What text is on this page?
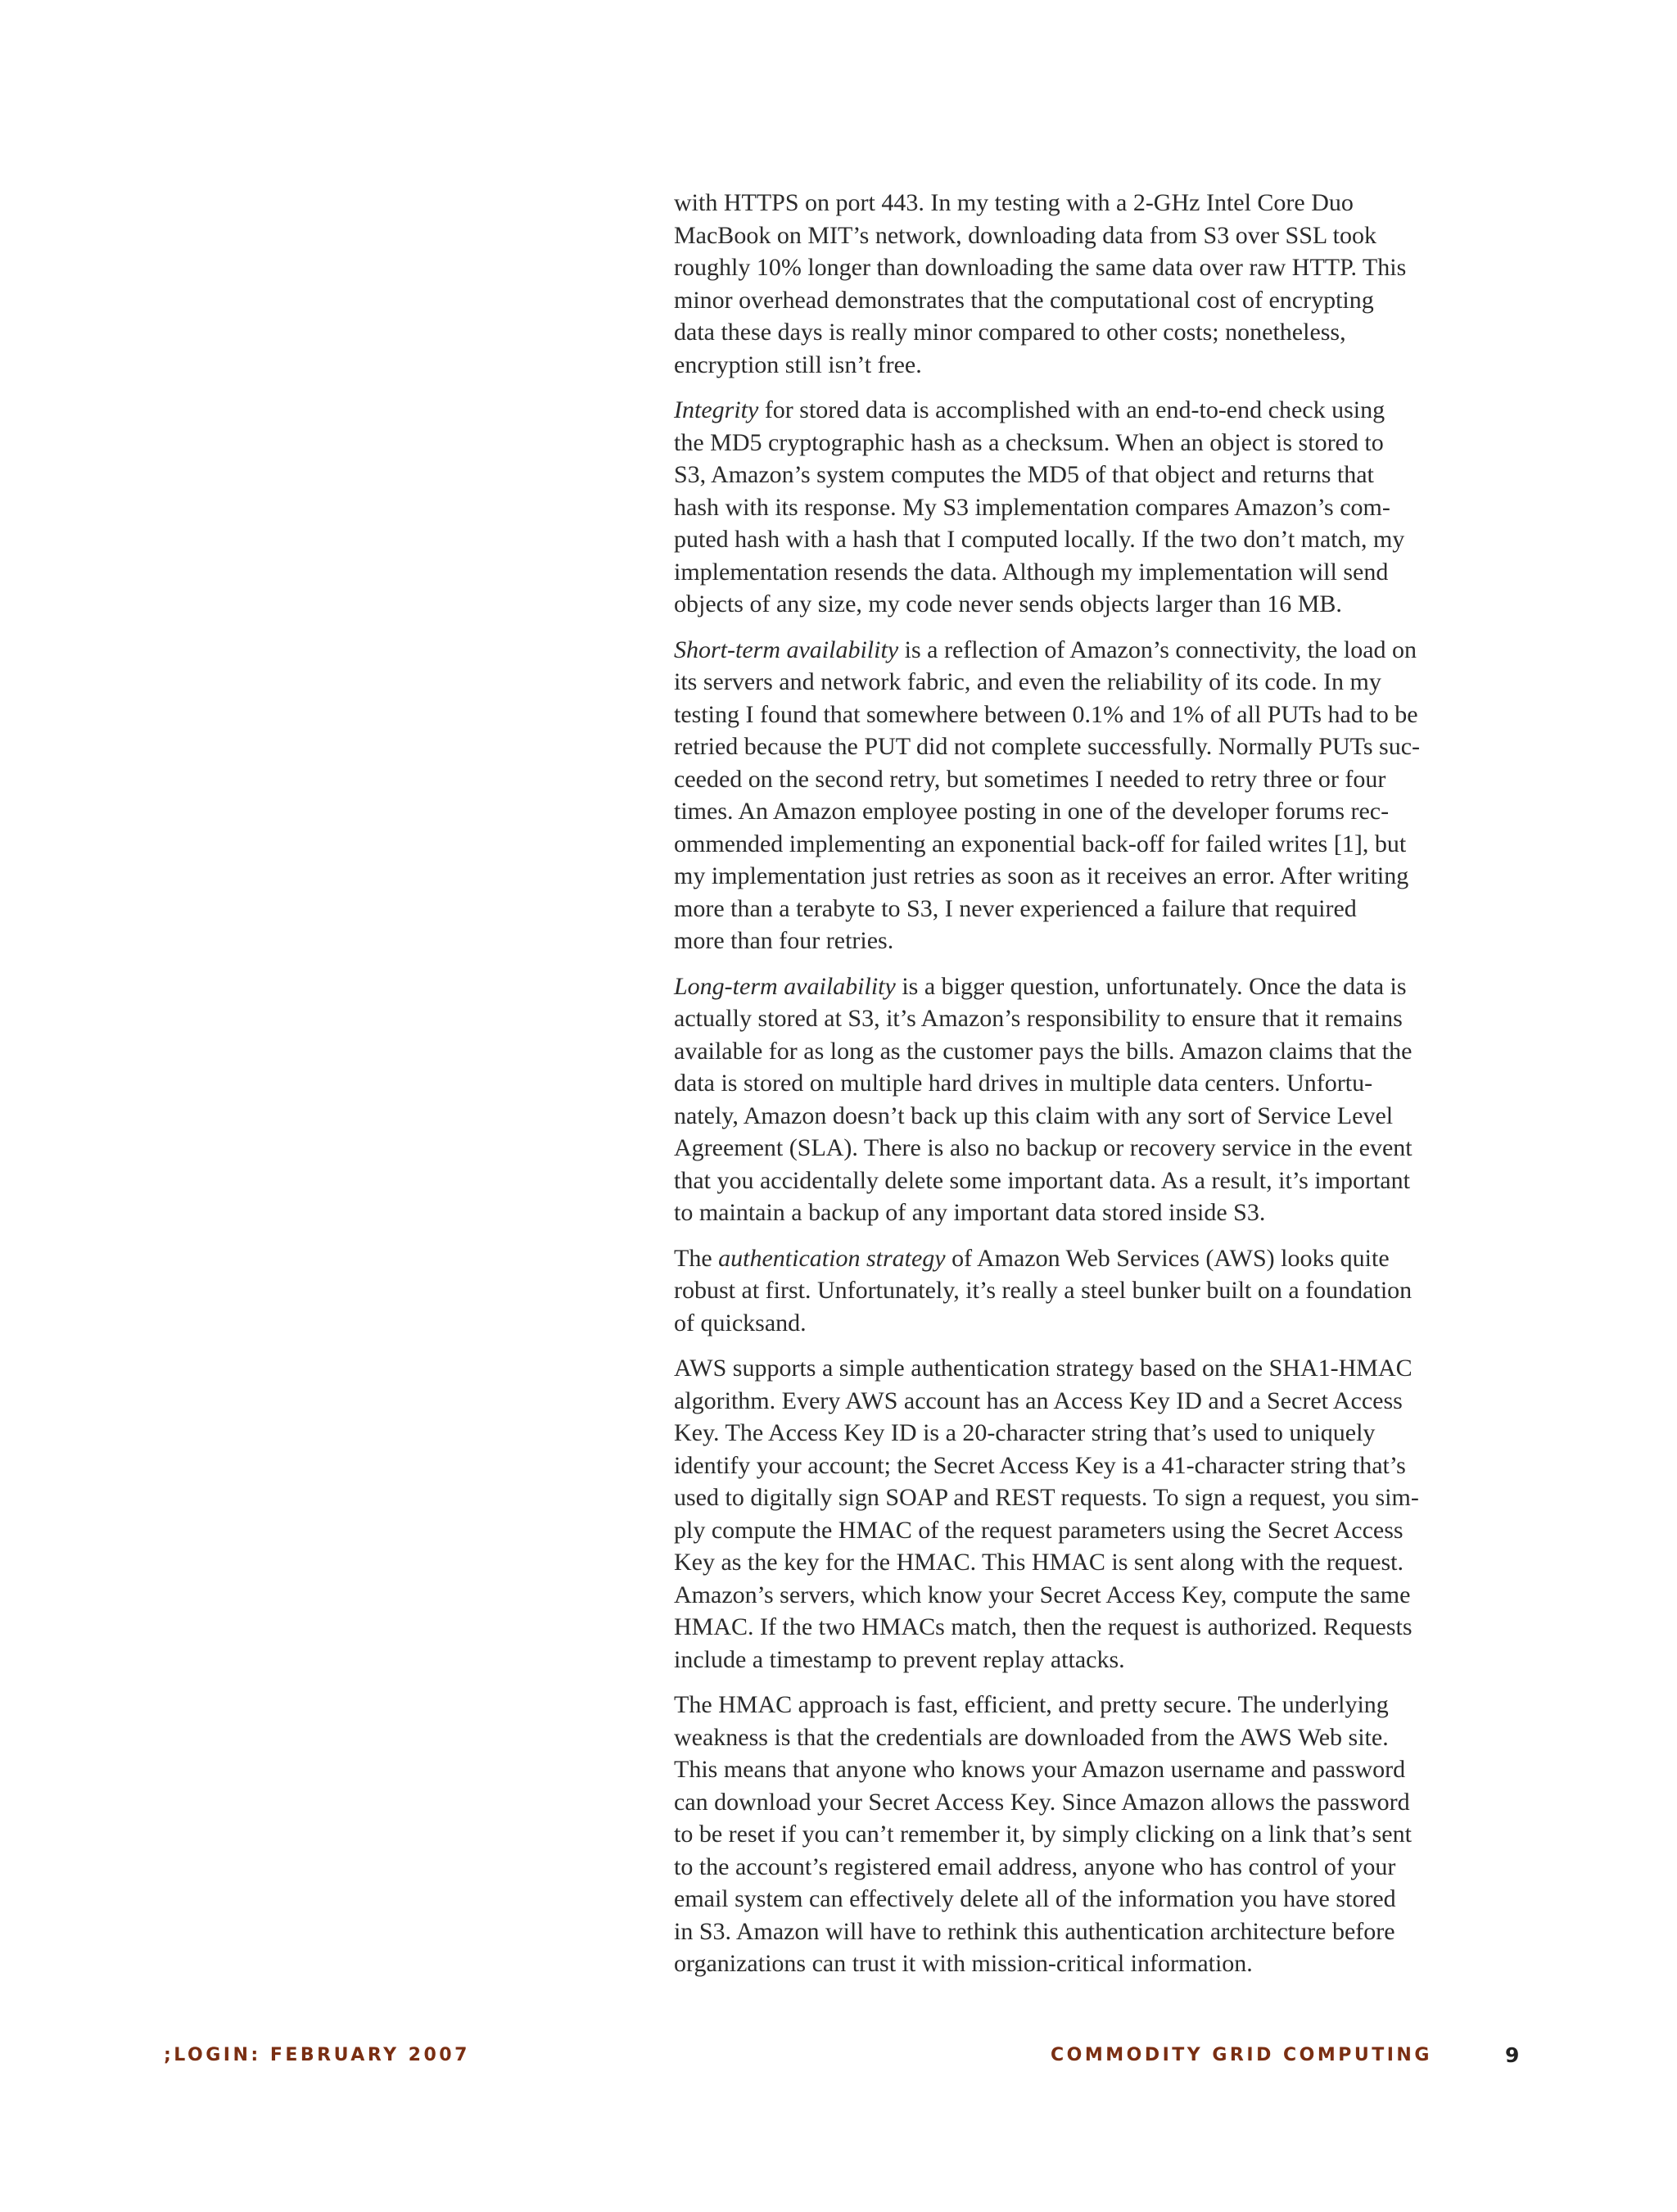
with HTTPS on port 443. In my testing with a 2-GHz Intel Core Duo
MacBook on MIT’s network, downloading data from S3 over SSL took
roughly 10% longer than downloading the same data over raw HTTP. This
minor overhead demonstrates that the computational cost of encrypting
data these days is really minor compared to other costs; nonetheless,
encryption still isn’t free.

Integrity for stored data is accomplished with an end-to-end check using
the MD5 cryptographic hash as a checksum. When an object is stored to
S3, Amazon’s system computes the MD5 of that object and returns that
hash with its response. My S3 implementation compares Amazon’s com-
puted hash with a hash that I computed locally. If the two don’t match, my
implementation resends the data. Although my implementation will send
objects of any size, my code never sends objects larger than 16 MB.

Short-term availability is a reflection of Amazon’s connectivity, the load on
its servers and network fabric, and even the reliability of its code. In my
testing I found that somewhere between 0.1% and 1% of all PUTs had to be
retried because the PUT did not complete successfully. Normally PUTs suc-
ceeded on the second retry, but sometimes I needed to retry three or four
times. An Amazon employee posting in one of the developer forums rec-
ommended implementing an exponential back-off for failed writes [1], but
my implementation just retries as soon as it receives an error. After writing
more than a terabyte to S3, I never experienced a failure that required
more than four retries.

Long-term availability is a bigger question, unfortunately. Once the data is
actually stored at S3, it’s Amazon’s responsibility to ensure that it remains
available for as long as the customer pays the bills. Amazon claims that the
data is stored on multiple hard drives in multiple data centers. Unfortu-
nately, Amazon doesn’t back up this claim with any sort of Service Level
Agreement (SLA). There is also no backup or recovery service in the event
that you accidentally delete some important data. As a result, it’s important
to maintain a backup of any important data stored inside S3.

The authentication strategy of Amazon Web Services (AWS) looks quite
robust at first. Unfortunately, it’s really a steel bunker built on a foundation
of quicksand.

AWS supports a simple authentication strategy based on the SHA1-HMAC
algorithm. Every AWS account has an Access Key ID and a Secret Access
Key. The Access Key ID is a 20-character string that’s used to uniquely
identify your account; the Secret Access Key is a 41-character string that’s
used to digitally sign SOAP and REST requests. To sign a request, you sim-
ply compute the HMAC of the request parameters using the Secret Access
Key as the key for the HMAC. This HMAC is sent along with the request.
Amazon’s servers, which know your Secret Access Key, compute the same
HMAC. If the two HMACs match, then the request is authorized. Requests
include a timestamp to prevent replay attacks.

The HMAC approach is fast, efficient, and pretty secure. The underlying
weakness is that the credentials are downloaded from the AWS Web site.
This means that anyone who knows your Amazon username and password
can download your Secret Access Key. Since Amazon allows the password
to be reset if you can’t remember it, by simply clicking on a link that’s sent
to the account’s registered email address, anyone who has control of your
email system can effectively delete all of the information you have stored
in S3. Amazon will have to rethink this authentication architecture before
organizations can trust it with mission-critical information.

;LOGIN: FEBRUARY 2007	COMMODITY GRID COMPUTING	9
